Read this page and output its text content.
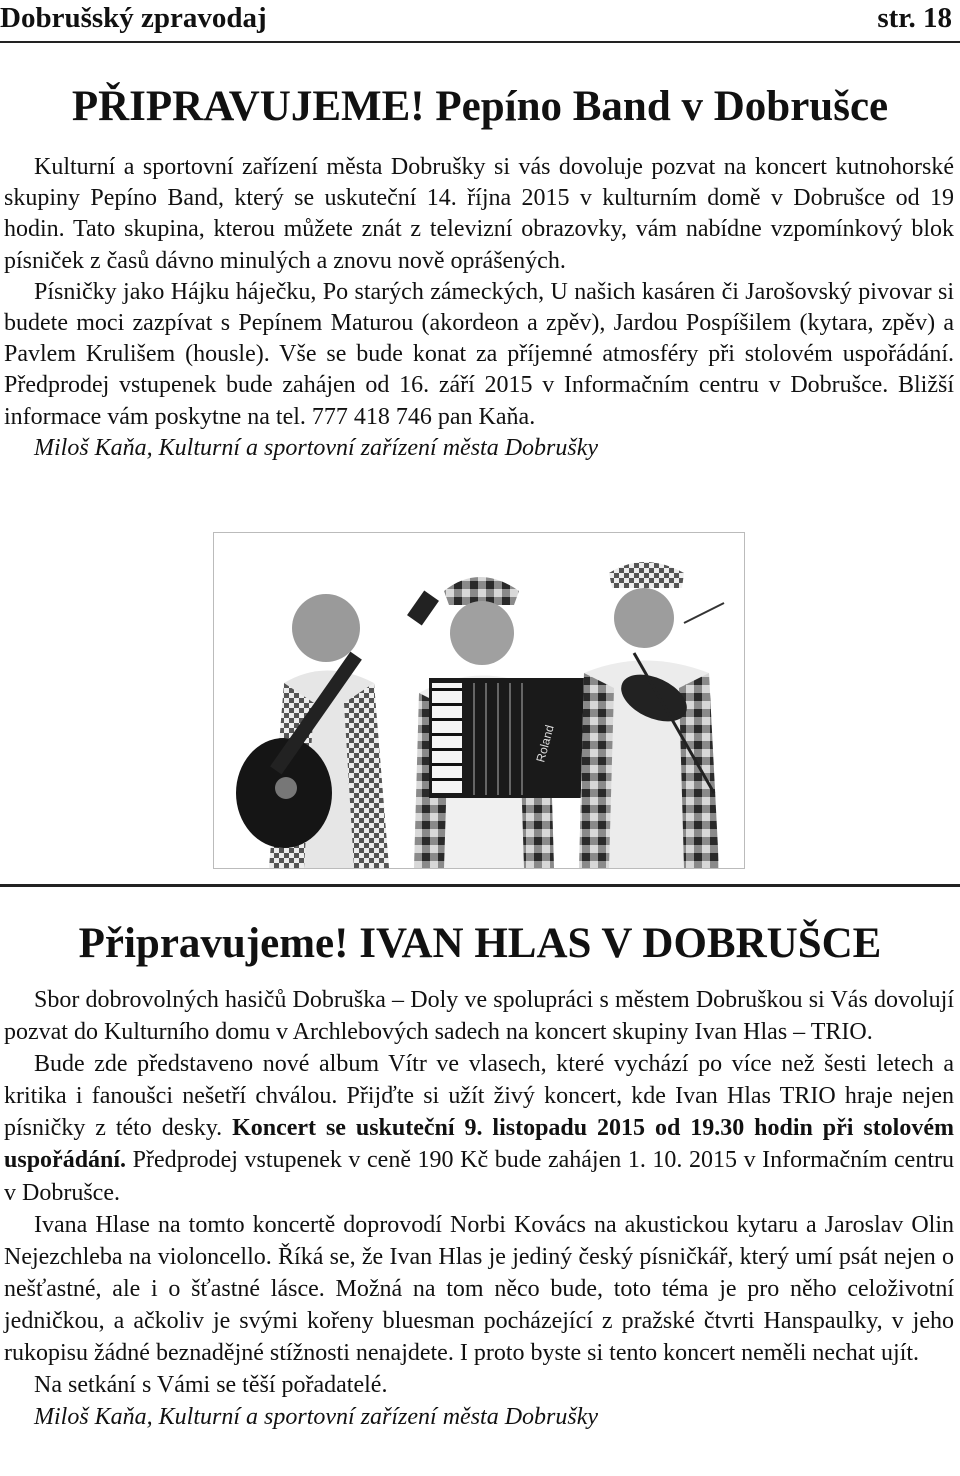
Dobrušský zpravodaj	str. 18
PŘIPRAVUJEME! Pepíno Band v Dobrušce

Kulturní a sportovní zařízení města Dobrušky si vás dovoluje pozvat na koncert kutnohorské skupiny Pepíno Band, který se uskuteční 14. října 2015 v kulturním domě v Dobrušce od 19 hodin. Tato skupina, kterou můžete znát z televizní obrazovky, vám nabídne vzpomínkový blok písniček z časů dávno minulých a znovu nově oprášených.

Písničky jako Hájku háječku, Po starých zámeckých, U našich kasáren či Jarošovský pivovar si budete moci zazpívat s Pepínem Maturou (akordeon a zpěv), Jardou Pospíšilem (kytara, zpěv) a Pavlem Krulišem (housle). Vše se bude konat za příjemné atmosféry při stolovém uspořádání. Předprodej vstupenek bude zahájen od 16. září 2015 v Informačním centru v Dobrušce. Bližší informace vám poskytne na tel. 777 418 746 pan Kaňa.

Miloš Kaňa, Kulturní a sportovní zařízení města Dobrušky

Roland
Připravujeme! IVAN HLAS V DOBRUŠCE

Sbor dobrovolných hasičů Dobruška – Doly ve spolupráci s městem Dobruškou si Vás dovolují pozvat do Kulturního domu v Archlebových sadech na koncert skupiny Ivan Hlas – TRIO.

Bude zde představeno nové album Vítr ve vlasech, které vychází po více než šesti letech a kritika i fanoušci nešetří chválou. Přijďte si užít živý koncert, kde Ivan Hlas TRIO hraje nejen písničky z této desky. Koncert se uskuteční 9. listopadu 2015 od 19.30 hodin při stolovém uspořádání. Předprodej vstupenek v ceně 190 Kč bude zahájen 1. 10. 2015 v Informačním centru v Dobrušce.

Ivana Hlase na tomto koncertě doprovodí Norbi Kovács na akustickou kytaru a Jaroslav Olin Nejezchleba na violoncello. Říká se, že Ivan Hlas je jediný český písničkář, který umí psát nejen o nešťastné, ale i o šťastné lásce. Možná na tom něco bude, toto téma je pro něho celoživotní jedničkou, a ačkoliv je svými kořeny bluesman pocházející z pražské čtvrti Hanspaulky, v jeho rukopisu žádné beznadějné stížnosti nenajdete. I proto byste si tento koncert neměli nechat ujít.

Na setkání s Vámi se těší pořadatelé.

Miloš Kaňa, Kulturní a sportovní zařízení města Dobrušky
